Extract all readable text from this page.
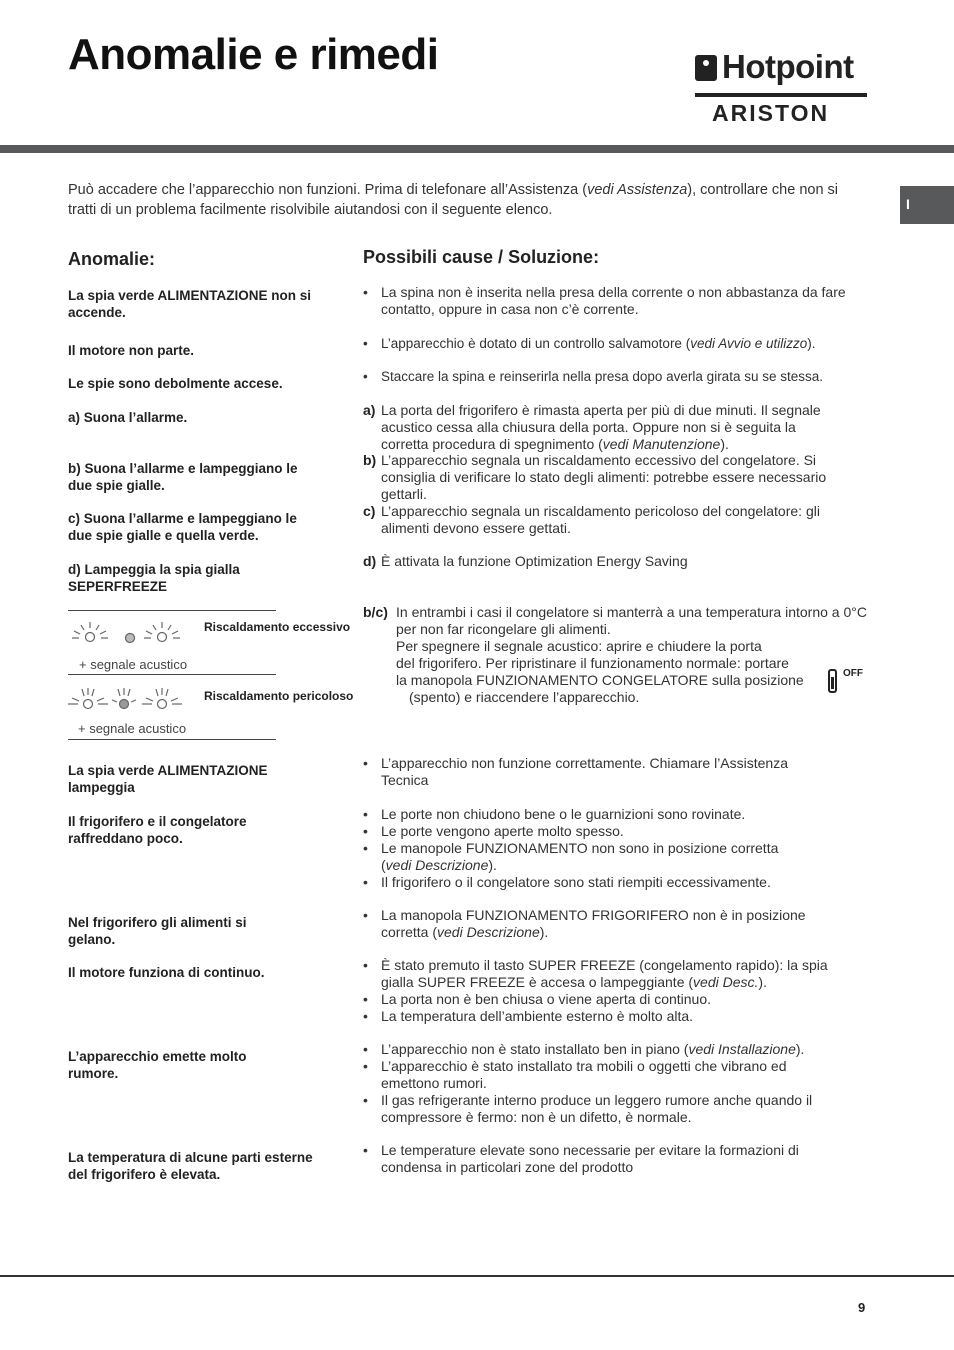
Anomalie e rimedi	Hotpoint
ARISTON
I
Può accadere che l’apparecchio non funzioni. Prima di telefonare all’Assistenza (vedi Assistenza), controllare che non si tratti di un problema facilmente risolvibile aiutandosi con il seguente elenco.
Anomalie:
La spia verde ALIMENTAZIONE non si accende.
Il motore non parte.
Le spie sono debolmente accese.
a) Suona l’allarme.
b) Suona l’allarme e lampeggiano le due spie gialle.
c) Suona l’allarme e lampeggiano le due spie gialle e quella verde.
d) Lampeggia la spia gialla SEPERFREEZE
Riscaldamento eccessivo
+ segnale acustico
Riscaldamento pericoloso
+ segnale acustico
La spia verde ALIMENTAZIONE lampeggia
Il frigorifero e il congelatore raffreddano poco.
Nel frigorifero gli alimenti si gelano.
Il motore funziona di continuo.
L’apparecchio emette molto rumore.
La temperatura di alcune parti esterne del frigorifero è elevata.
Possibili cause / Soluzione:
• La spina non è inserita nella presa della corrente o non abbastanza da fare contatto, oppure in casa non c’è corrente.
• L’apparecchio è dotato di un controllo salvamotore (vedi Avvio e utilizzo).
• Staccare la spina e reinserirla nella presa dopo averla girata su se stessa.
a) La porta del frigorifero è rimasta aperta per più di due minuti. Il segnale acustico cessa alla chiusura della porta. Oppure non si è seguita la corretta procedura di spegnimento (vedi Manutenzione).
b) L’apparecchio segnala un riscaldamento eccessivo del congelatore. Si consiglia di verificare lo stato degli alimenti: potrebbe essere necessario gettarli.
c) L’apparecchio segnala un riscaldamento pericoloso del congelatore: gli alimenti devono essere gettati.
d) È attivata la funzione Optimization Energy Saving
b/c) In entrambi i casi il congelatore si manterrà a una temperatura intorno a 0°C per non far ricongelare gli alimenti.
Per spegnere il segnale acustico: aprire e chiudere la porta
del frigorifero. Per ripristinare il funzionamento normale: portare
la manopola FUNZIONAMENTO CONGELATORE sulla posizione
(spento) e riaccendere l’apparecchio.
OFF
• L’apparecchio non funzione correttamente. Chiamare l’Assistenza Tecnica
• Le porte non chiudono bene o le guarnizioni sono rovinate.
• Le porte vengono aperte molto spesso.
• Le manopole FUNZIONAMENTO non sono in posizione corretta (vedi Descrizione).
• Il frigorifero o il congelatore sono stati riempiti eccessivamente.
• La manopola FUNZIONAMENTO FRIGORIFERO non è in posizione corretta (vedi Descrizione).
• È stato premuto il tasto SUPER FREEZE (congelamento rapido): la spia gialla SUPER FREEZE è accesa o lampeggiante (vedi Desc.).
• La porta non è ben chiusa o viene aperta di continuo.
• La temperatura dell’ambiente esterno è molto alta.
• L’apparecchio non è stato installato ben in piano (vedi Installazione).
• L’apparecchio è stato installato tra mobili o oggetti che vibrano ed emettono rumori.
• Il gas refrigerante interno produce un leggero rumore anche quando il compressore è fermo: non è un difetto, è normale.
• Le temperature elevate sono necessarie per evitare la formazioni di condensa in particolari zone del prodotto
9
